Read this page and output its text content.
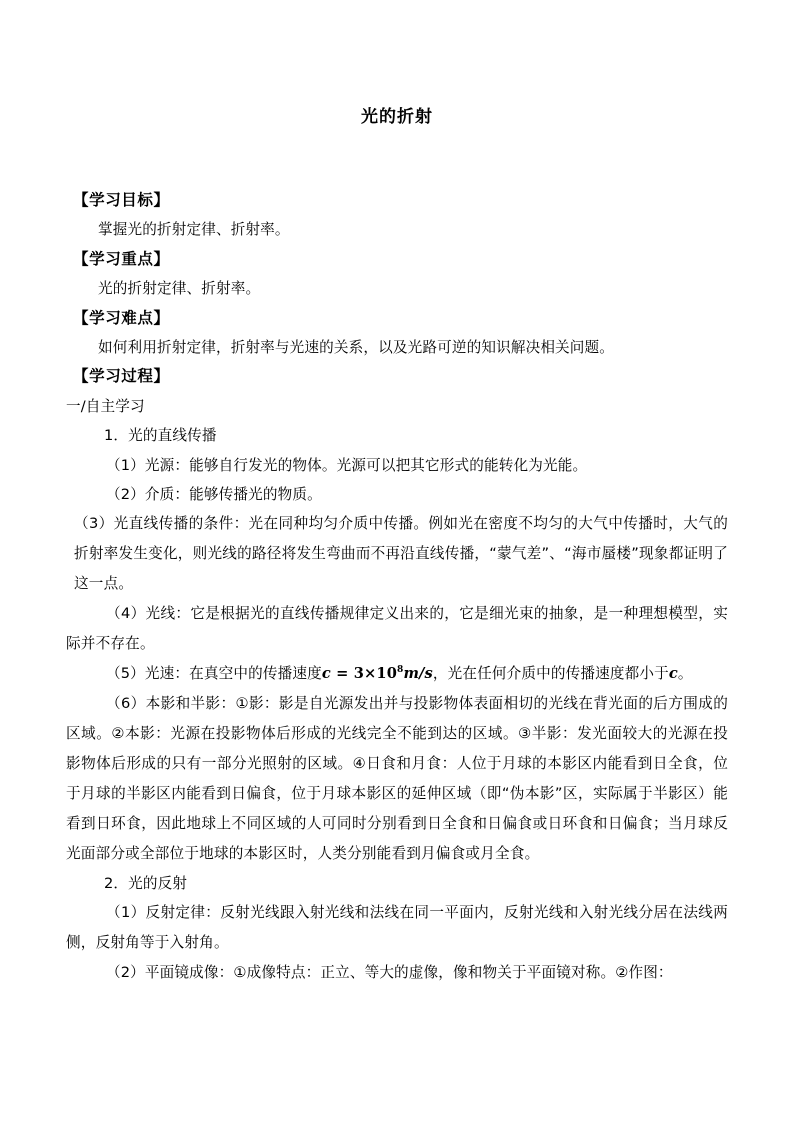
光的折射
【学习目标】
掌握光的折射定律、折射率。
【学习重点】
光的折射定律、折射率。
【学习难点】
如何利用折射定律，折射率与光速的关系，以及光路可逆的知识解决相关问题。
【学习过程】
一/自主学习
1．光的直线传播
（1）光源：能够自行发光的物体。光源可以把其它形式的能转化为光能。
（2）介质：能够传播光的物质。
（3）光直线传播的条件：光在同种均匀介质中传播。例如光在密度不均匀的大气中传播时，大气的折射率发生变化，则光线的路径将发生弯曲而不再沿直线传播，“蒙气差”、“海市蜃楼”现象都证明了这一点。
（4）光线：它是根据光的直线传播规律定义出来的，它是细光束的抽象，是一种理想模型，实际并不存在。
（5）光速：在真空中的传播速度$c = 3\times 10^8m/s$，光在任何介质中的传播速度都小于c。
（6）本影和半影：①影：影是自光源发出并与投影物体表面相切的光线在背光面的后方围成的区域。②本影：光源在投影物体后形成的光线完全不能到达的区域。③半影：发光面较大的光源在投影物体后形成的只有一部分光照射的区域。④日食和月食：人位于月球的本影区内能看到日全食，位于月球的半影区内能看到日偏食，位于月球本影区的延伸区域（即“伪本影”区，实际属于半影区）能看到日环食，因此地球上不同区域的人可同时分别看到日全食和日偏食或日环食和日偏食；当月球反光面部分或全部位于地球的本影区时，人类分别能看到月偏食或月全食。
2．光的反射
（1）反射定律：反射光线跟入射光线和法线在同一平面内，反射光线和入射光线分居在法线两侧，反射角等于入射角。
（2）平面镜成像：①成像特点：正立、等大的虚像，像和物关于平面镜对称。②作图：
